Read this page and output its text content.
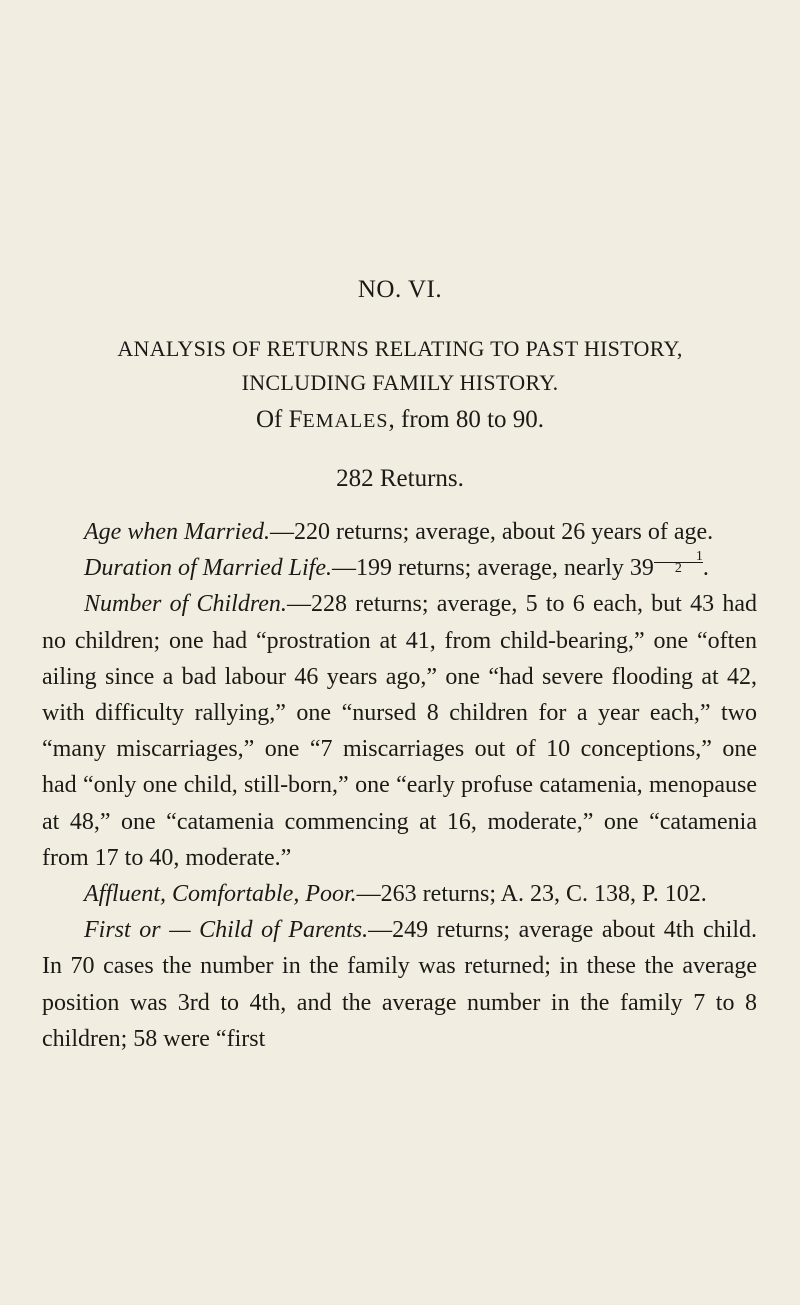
NO. VI.
ANALYSIS OF RETURNS RELATING TO PAST HISTORY,
INCLUDING FAMILY HISTORY.
Of FEMALES, from 80 to 90.
282 Returns.

Age when Married.—220 returns; average, about 26 years of age.

Duration of Married Life.—199 returns; average, nearly $39 \frac{1}{2}$.

Number of Children.—228 returns; average, 5 to 6 each, but 43 had no children; one had “prostration at 41, from child-bearing,” one “often ailing since a bad labour 46 years ago,” one “had severe flooding at 42, with difficulty rallying,” one “nursed 8 children for a year each,” two “many miscarriages,” one “7 miscarriages out of 10 conceptions,” one had “only one child, still-born,” one “early profuse catamenia, menopause at 48,” one “catamenia commencing at 16, moderate,” one “catamenia from 17 to 40, moderate.”

Affluent, Comfortable, Poor.—263 returns; A. 23, C. 138, P. 102.

First or — Child of Parents.—249 returns; average about 4th child. In 70 cases the number in the family was returned; in these the average position was 3rd to 4th, and the average number in the family 7 to 8 children; 58 were “first
